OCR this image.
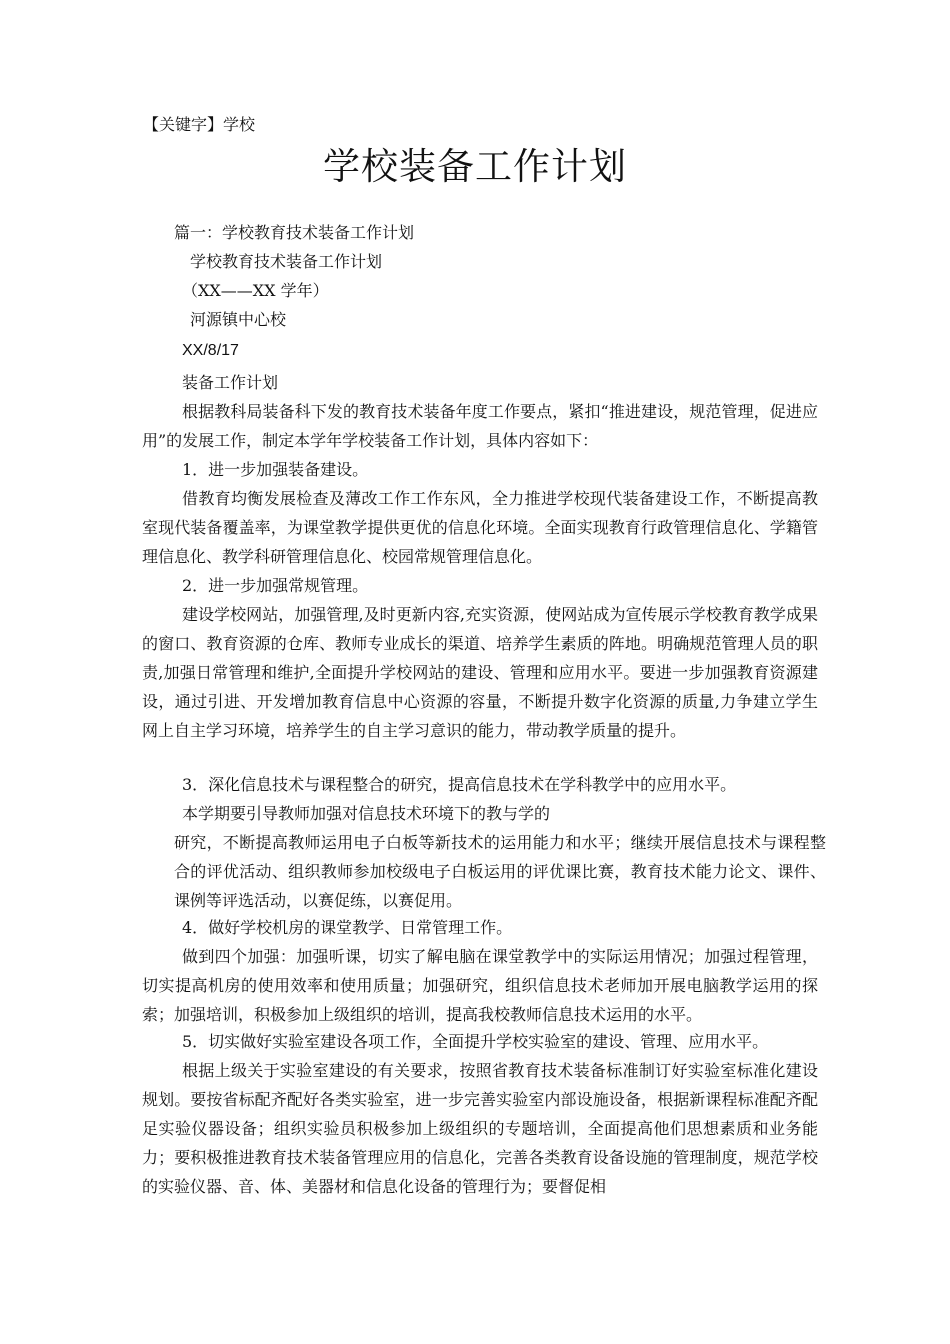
【关键字】学校
学校装备工作计划
篇一：学校教育技术装备工作计划
学校教育技术装备工作计划
（XX——XX 学年）
河源镇中心校
XX/8/17
装备工作计划
根据教科局装备科下发的教育技术装备年度工作要点，紧扣“推进建设，规范管理，促进应用”的发展工作，制定本学年学校装备工作计划，具体内容如下：
1．进一步加强装备建设。
借教育均衡发展检查及薄改工作工作东风，全力推进学校现代装备建设工作，不断提高教室现代装备覆盖率，为课堂教学提供更优的信息化环境。全面实现教育行政管理信息化、学籍管理信息化、教学科研管理信息化、校园常规管理信息化。
2．进一步加强常规管理。
建设学校网站，加强管理,及时更新内容,充实资源，使网站成为宣传展示学校教育教学成果的窗口、教育资源的仓库、教师专业成长的渠道、培养学生素质的阵地。明确规范管理人员的职责,加强日常管理和维护,全面提升学校网站的建设、管理和应用水平。要进一步加强教育资源建设，通过引进、开发增加教育信息中心资源的容量，不断提升数字化资源的质量,力争建立学生网上自主学习环境，培养学生的自主学习意识的能力，带动教学质量的提升。
3．深化信息技术与课程整合的研究，提高信息技术在学科教学中的应用水平。
本学期要引导教师加强对信息技术环境下的教与学的
研究，不断提高教师运用电子白板等新技术的运用能力和水平；继续开展信息技术与课程整合的评优活动、组织教师参加校级电子白板运用的评优课比赛，教育技术能力论文、课件、课例等评选活动，以赛促练，以赛促用。
4．做好学校机房的课堂教学、日常管理工作。
做到四个加强：加强听课，切实了解电脑在课堂教学中的实际运用情况；加强过程管理，切实提高机房的使用效率和使用质量；加强研究，组织信息技术老师加开展电脑教学运用的探索；加强培训，积极参加上级组织的培训，提高我校教师信息技术运用的水平。
5．切实做好实验室建设各项工作，全面提升学校实验室的建设、管理、应用水平。
根据上级关于实验室建设的有关要求，按照省教育技术装备标准制订好实验室标准化建设规划。要按省标配齐配好各类实验室，进一步完善实验室内部设施设备，根据新课程标准配齐配足实验仪器设备；组织实验员积极参加上级组织的专题培训，全面提高他们思想素质和业务能力；要积极推进教育技术装备管理应用的信息化，完善各类教育设备设施的管理制度，规范学校的实验仪器、音、体、美器材和信息化设备的管理行为；要督促相
